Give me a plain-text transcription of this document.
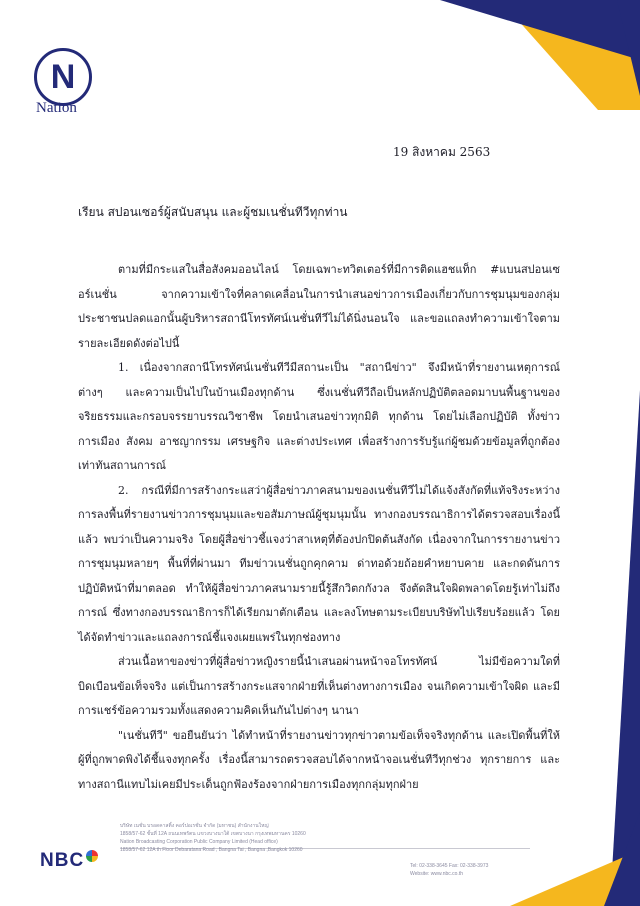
N
Nation
19 สิงหาคม 2563
เรียน สปอนเซอร์ผู้สนับสนุน และผู้ชมเนชั่นทีวีทุกท่าน

ตามที่มีกระแสในสื่อสังคมออนไลน์ โดยเฉพาะทวิตเตอร์ที่มีการติดแฮชแท็ก #แบนสปอนเซอร์เนชั่น จากความเข้าใจที่คลาดเคลื่อนในการนำเสนอข่าวการเมืองเกี่ยวกับการชุมนุมของกลุ่มประชาชนปลดแอกนั้นผู้บริหารสถานีโทรทัศน์เนชั่นทีวีไม่ได้นิ่งนอนใจ และขอแถลงทำความเข้าใจตามรายละเอียดดังต่อไปนี้

1. เนื่องจากสถานีโทรทัศน์เนชั่นทีวีมีสถานะเป็น "สถานีข่าว" จึงมีหน้าที่รายงานเหตุการณ์ต่างๆ และความเป็นไปในบ้านเมืองทุกด้าน ซึ่งเนชั่นทีวีถือเป็นหลักปฏิบัติตลอดมาบนพื้นฐานของจริยธรรมและกรอบจรรยาบรรณวิชาชีพ โดยนำเสนอข่าวทุกมิติ ทุกด้าน โดยไม่เลือกปฏิบัติ ทั้งข่าวการเมือง สังคม อาชญากรรม เศรษฐกิจ และต่างประเทศ เพื่อสร้างการรับรู้แก่ผู้ชมด้วยข้อมูลที่ถูกต้อง เท่าทันสถานการณ์

2. กรณีที่มีการสร้างกระแสว่าผู้สื่อข่าวภาคสนามของเนชั่นทีวีไม่ได้แจ้งสังกัดที่แท้จริงระหว่างการลงพื้นที่รายงานข่าวการชุมนุมและขอสัมภาษณ์ผู้ชุมนุมนั้น ทางกองบรรณาธิการได้ตรวจสอบเรื่องนี้แล้ว พบว่าเป็นความจริง โดยผู้สื่อข่าวชี้แจงว่าสาเหตุที่ต้องปกปิดต้นสังกัด เนื่องจากในการรายงานข่าวการชุมนุมหลายๆ พื้นที่ที่ผ่านมา ทีมข่าวเนชั่นถูกคุกคาม ด่าทอด้วยถ้อยคำหยาบคาย และกดดันการปฏิบัติหน้าที่มาตลอด ทำให้ผู้สื่อข่าวภาคสนามรายนี้รู้สึกวิตกกังวล จึงตัดสินใจผิดพลาดโดยรู้เท่าไม่ถึงการณ์ ซึ่งทางกองบรรณาธิการก็ได้เรียกมาตักเตือน และลงโทษตามระเบียบบริษัทไปเรียบร้อยแล้ว โดยได้จัดทำข่าวและแถลงการณ์ชี้แจงเผยแพร่ในทุกช่องทาง

ส่วนเนื้อหาของข่าวที่ผู้สื่อข่าวหญิงรายนี้นำเสนอผ่านหน้าจอโทรทัศน์ ไม่มีข้อความใดที่บิดเบือนข้อเท็จจริง แต่เป็นการสร้างกระแสจากฝ่ายที่เห็นต่างทางการเมือง จนเกิดความเข้าใจผิด และมีการแชร์ข้อความรวมทั้งแสดงความคิดเห็นกันไปต่างๆ นานา

"เนชั่นทีวี" ขอยืนยันว่า ได้ทำหน้าที่รายงานข่าวทุกข่าวตามข้อเท็จจริงทุกด้าน และเปิดพื้นที่ให้ผู้ที่ถูกพาดพิงได้ชี้แจงทุกครั้ง เรื่องนี้สามารถตรวจสอบได้จากหน้าจอเนชั่นทีวีทุกช่วง ทุกรายการ และทางสถานีแทบไม่เคยมีประเด็นถูกฟ้องร้องจากฝ่ายการเมืองทุกกลุ่มทุกฝ่าย

NBC
บริษัท เนชั่น บรอดคาสติ้ง คอร์ปอเรชั่น จำกัด (มหาชน) สำนักงานใหญ่
1858/57-62 ชั้นที่ 12A ถนนเทพรัตน แขวงบางนาใต้ เขตบางนา กรุงเทพมหานคร 10260
Nation Broadcasting Corporation Public Company Limited (Head office)
1858/57-62 12A th Floor Debaratana Road , Bangna Tai , Bangna ,Bangkok 10260
Tel: 02-338-3645 Fax: 02-338-3973
Website: www.nbc.co.th
